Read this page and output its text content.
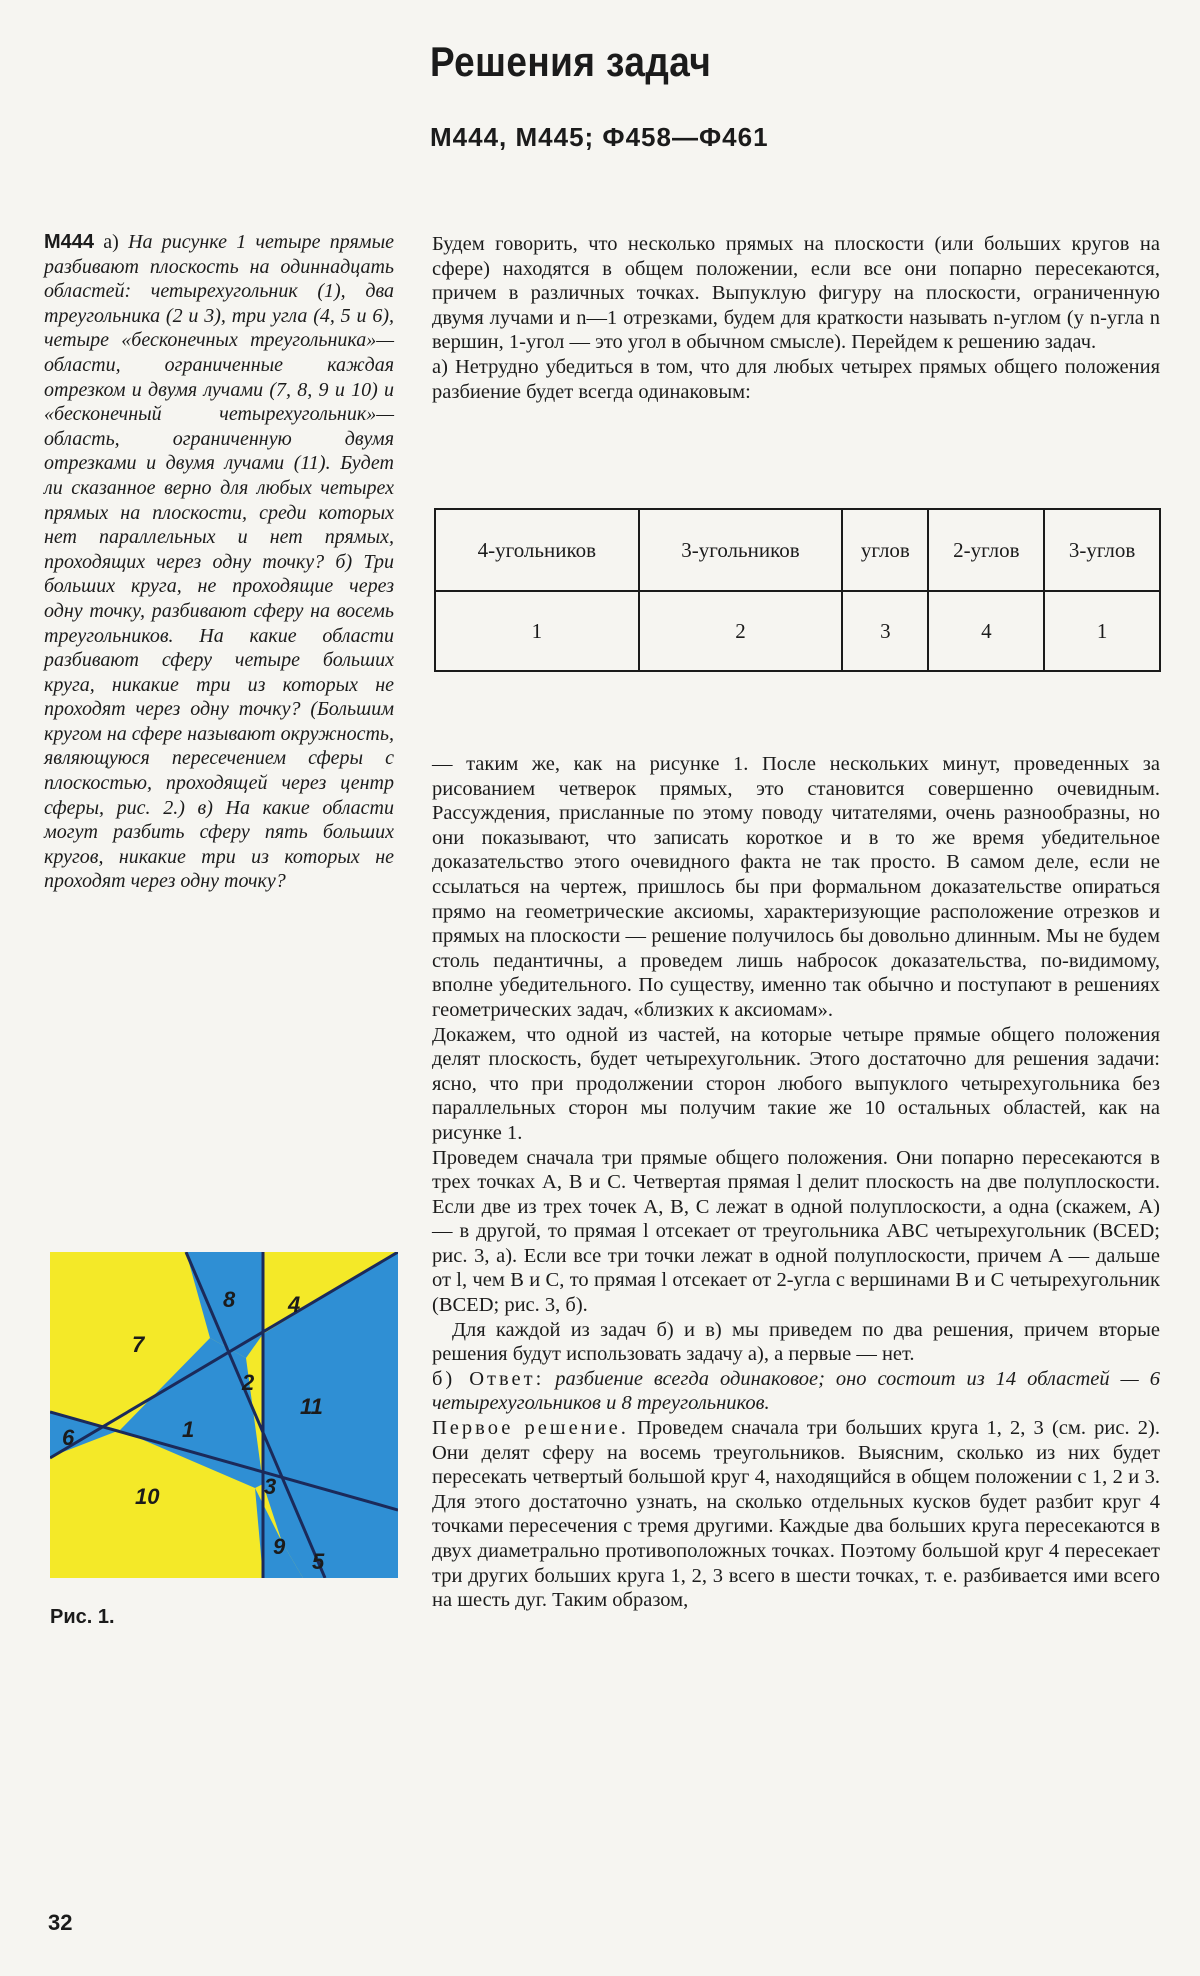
Решения задач
М444, М445; Ф458—Ф461
М444 а) На рисунке 1 четыре прямые разбивают плоскость на одиннадцать областей: четырехугольник (1), два треугольника (2 и 3), три угла (4, 5 и 6), четыре «бесконечных треугольника»— области, ограниченные каждая отрезком и двумя лучами (7, 8, 9 и 10) и «бесконечный четырехугольник»— область, ограниченную двумя отрезками и двумя лучами (11). Будет ли сказанное верно для любых четырех прямых на плоскости, среди которых нет параллельных и нет прямых, проходящих через одну точку? б) Три больших круга, не проходящие через одну точку, разбивают сферу на восемь треугольников. На какие области разбивают сферу четыре больших круга, никакие три из которых не проходят через одну точку? (Большим кругом на сфере называют окружность, являющуюся пересечением сферы с плоскостью, проходящей через центр сферы, рис. 2.) в) На какие области могут разбить сферу пять больших кругов, никакие три из которых не проходят через одну точку?

Будем говорить, что несколько прямых на плоскости (или больших кругов на сфере) находятся в общем положении, если все они попарно пересекаются, причем в различных точках. Выпуклую фигуру на плоскости, ограниченную двумя лучами и n—1 отрезками, будем для краткости называть n-углом (у n-угла n вершин, 1-угол — это угол в обычном смысле). Перейдем к решению задач.

а) Нетрудно убедиться в том, что для любых четырех прямых общего положения разбиение будет всегда одинаковым:

4-угольников	3-угольников	углов	2-углов	3-углов
1	2	3	4	1

— таким же, как на рисунке 1. После нескольких минут, проведенных за рисованием четверок прямых, это становится совершенно очевидным. Рассуждения, присланные по этому поводу читателями, очень разнообразны, но они показывают, что записать короткое и в то же время убедительное доказательство этого очевидного факта не так просто. В самом деле, если не ссылаться на чертеж, пришлось бы при формальном доказательстве опираться прямо на геометрические аксиомы, характеризующие расположение отрезков и прямых на плоскости — решение получилось бы довольно длинным. Мы не будем столь педантичны, а проведем лишь набросок доказательства, по-видимому, вполне убедительного. По существу, именно так обычно и поступают в решениях геометрических задач, «близких к аксиомам».

Докажем, что одной из частей, на которые четыре прямые общего положения делят плоскость, будет четырехугольник. Этого достаточно для решения задачи: ясно, что при продолжении сторон любого выпуклого четырехугольника без параллельных сторон мы получим такие же 10 остальных областей, как на рисунке 1.

Проведем сначала три прямые общего положения. Они попарно пересекаются в трех точках A, B и C. Четвертая прямая l делит плоскость на две полуплоскости. Если две из трех точек A, B, C лежат в одной полуплоскости, а одна (скажем, A) — в другой, то прямая l отсекает от треугольника ABC четырехугольник (BCED; рис. 3, а). Если все три точки лежат в одной полуплоскости, причем A — дальше от l, чем B и C, то прямая l отсекает от 2-угла с вершинами B и C четырехугольник (BCED; рис. 3, б).

Для каждой из задач б) и в) мы приведем по два решения, причем вторые решения будут использовать задачу а), а первые — нет.

б) Ответ: разбиение всегда одинаковое; оно состоит из 14 областей — 6 четырехугольников и 8 треугольников.

Первое решение. Проведем сначала три больших круга 1, 2, 3 (см. рис. 2). Они делят сферу на восемь треугольников. Выясним, сколько из них будет пересекать четвертый большой круг 4, находящийся в общем положении с 1, 2 и 3. Для этого достаточно узнать, на сколько отдельных кусков будет разбит круг 4 точками пересечения с тремя другими. Каждые два больших круга пересекаются в двух диаметрально противоположных точках. Поэтому большой круг 4 пересекает три других больших круга 1, 2, 3 всего в шести точках, т. е. разбивается ими всего на шесть дуг. Таким образом,

7
8 4
2
11
1
6
3
10
9
5
Рис. 1.
32
